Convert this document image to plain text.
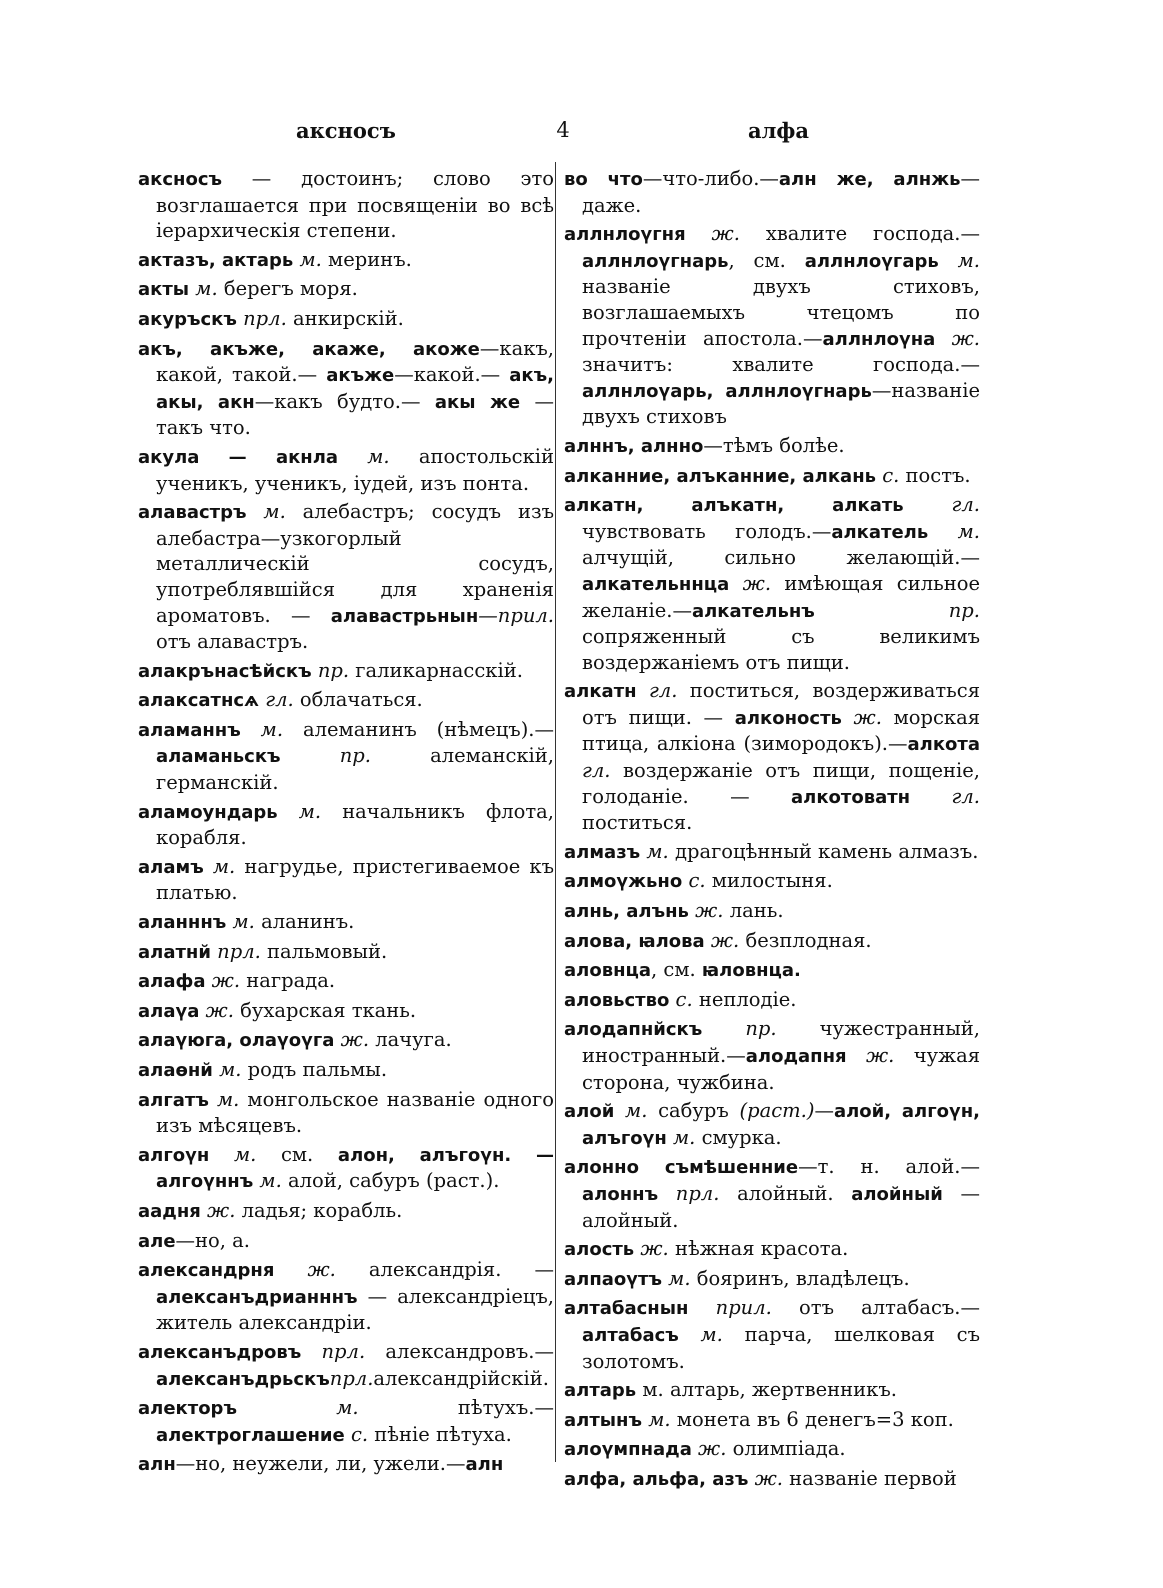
аксносъ	4	алфа

аксносъ — достоинъ; слово это возглашается при посвященіи во всѣ іерархическія степени.

актазъ, актарь м. меринъ.

акты м. берегъ моря.

акуръскъ прл. анкирскій.

акъ, акъже, акаже, акоже—какъ, какой, такой.— акъже—какой.— акъ, акы, акн—какъ будто.— акы же — такъ что.

акула — акнла м. апостольскій ученикъ, ученикъ, іудей, изъ понта.

алавастръ м. алебастръ; сосудъ изъ алебастра—узкогорлый металлическій сосудъ, употреблявшійся для храненія ароматовъ. — алавастрьнын—прил. отъ алавастръ.

алакрънасѣйскъ пр. галикарнасскій.

алаксатнсѧ гл. облачаться.

аламаннъ м. алеманинъ (нѣмецъ).— аламаньскъ пр. алеманскій, германскій.

аламоундарь м. начальникъ флота, корабля.

аламъ м. нагрудье, пристегиваемое къ платью.

аланннъ м. аланинъ.

алатнй прл. пальмовый.

алафа ж. награда.

алаүа ж. бухарская ткань.

алаүюга, олаүоүга ж. лачуга.

алаѳнй м. родъ пальмы.

алгатъ м. монгольское названіе одного изъ мѣсяцевъ.

алгоүн м. см. алон, алъгоүн. — алгоүннъ м. алой, сабуръ (раст.).

аадня ж. ладья; корабль.

але—но, а.

александрня ж. александрія. — алексанъдрианннъ — александріецъ, житель александріи.

алексанъдровъ прл. александровъ.— алексанъдрьскъпрл.александрійскій.

алекторъ м. пѣтухъ.—алектроглашение с. пѣніе пѣтуха.

алн—но, неужели, ли, ужели.—алн

во что—что-либо.—алн же, алнжь— даже.

аллнлоүгня ж. хвалите господа.—аллнлоүгнарь, см. аллнлоүгарь м. названіе двухъ стиховъ, возглашаемыхъ чтецомъ по прочтеніи апостола.—аллнлоүна ж. значитъ: хвалите господа.—аллнлоүарь, аллнлоүгнарь—названіе двухъ стиховъ

алннъ, алнно—тѣмъ болѣе.

алканние, алъканние, алкань с. постъ.

алкатн, алъкатн, алкать гл. чувствовать голодъ.—алкатель м. алчущій, сильно желающій.—алкательннца ж. имѣющая сильное желаніе.—алкательнъ пр. сопряженный съ великимъ воздержаніемъ отъ пищи.

алкатн гл. поститься, воздерживаться отъ пищи. — алконость ж. морская птица, алкіона (зимородокъ).—алкота гл. воздержаніе отъ пищи, пощеніе, голоданіе. — алкотоватн гл. поститься.

алмазъ м. драгоцѣнный камень алмазъ.

алмоүжьно с. милостыня.

алнь, алънь ж. лань.

алова, ꙗлова ж. безплодная.

аловнца, см. ꙗловнца.

аловьство с. неплодіе.

алодапнйскъ пр. чужестранный, иностранный.—алодапня ж. чужая сторона, чужбина.

алой м. сабуръ (раст.)—алой, алгоүн, алъгоүн м. смурка.

алонно съмѣшенние—т. н. алой.— алоннъ прл. алойный. алойный — алойный.

алость ж. нѣжная красота.

алпаоүтъ м. бояринъ, владѣлецъ.

алтабаснын прил. отъ алтабасъ.— алтабасъ м. парча, шелковая съ золотомъ.

алтарь м. алтарь, жертвенникъ.

алтынъ м. монета въ 6 денегъ=3 коп.

алоүмпнада ж. олимпіада.

алфа, альфа, азъ ж. названіе первой
